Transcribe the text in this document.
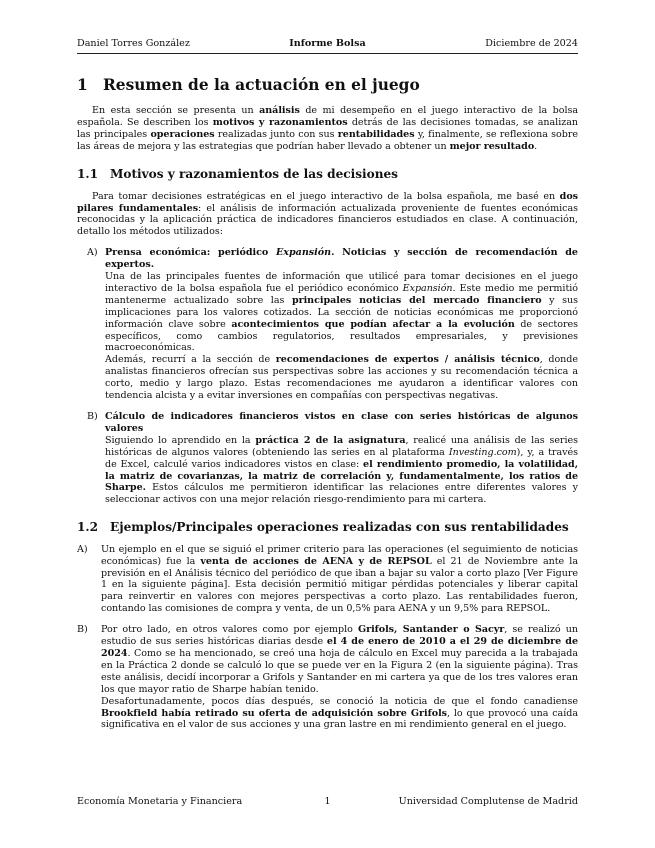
Daniel Torres González	Informe Bolsa	Diciembre de 2024
1 Resumen de la actuación en el juego

En esta sección se presenta un análisis de mi desempeño en el juego interactivo de la bolsa española. Se describen los motivos y razonamientos detrás de las decisiones tomadas, se analizan las principales operaciones realizadas junto con sus rentabilidades y, finalmente, se reflexiona sobre las áreas de mejora y las estrategias que podrían haber llevado a obtener un mejor resultado.

1.1 Motivos y razonamientos de las decisiones

Para tomar decisiones estratégicas en el juego interactivo de la bolsa española, me basé en dos pilares fundamentales: el análisis de información actualizada proveniente de fuentes económicas reconocidas y la aplicación práctica de indicadores financieros estudiados en clase. A continuación, detallo los métodos utilizados:

A) Prensa económica: periódico Expansión. Noticias y sección de recomendación de expertos.
Una de las principales fuentes de información que utilicé para tomar decisiones en el juego interactivo de la bolsa española fue el periódico económico Expansión. Este medio me permitió mantenerme actualizado sobre las principales noticias del mercado financiero y sus implicaciones para los valores cotizados. La sección de noticias económicas me proporcionó información clave sobre acontecimientos que podían afectar a la evolución de sectores específicos, como cambios regulatorios, resultados empresariales, y previsiones macroeconómicas.
Además, recurrí a la sección de recomendaciones de expertos / análisis técnico, donde analistas financieros ofrecían sus perspectivas sobre las acciones y su recomendación técnica a corto, medio y largo plazo. Estas recomendaciones me ayudaron a identificar valores con tendencia alcista y a evitar inversiones en compañías con perspectivas negativas.
B) Cálculo de indicadores financieros vistos en clase con series históricas de algunos valores
Siguiendo lo aprendido en la práctica 2 de la asignatura, realicé una análisis de las series históricas de algunos valores (obteniendo las series en al plataforma Investing.com), y, a través de Excel, calculé varios indicadores vistos en clase: el rendimiento promedio, la volatilidad, la matriz de covarianzas, la matriz de correlación y, fundamentalmente, los ratios de Sharpe. Estos cálculos me permitieron identificar las relaciones entre diferentes valores y seleccionar activos con una mejor relación riesgo-rendimiento para mi cartera.
1.2 Ejemplos/Principales operaciones realizadas con sus rentabilidades
A) Un ejemplo en el que se siguió el primer criterio para las operaciones (el seguimiento de noticias económicas) fue la venta de acciones de AENA y de REPSOL el 21 de Noviembre ante la previsión en el Análisis técnico del periódico de que iban a bajar su valor a corto plazo [Ver Figure 1 en la siguiente página]. Esta decisión permitió mitigar pérdidas potenciales y liberar capital para reinvertir en valores con mejores perspectivas a corto plazo. Las rentabilidades fueron, contando las comisiones de compra y venta, de un 0,5% para AENA y un 9,5% para REPSOL.
B) Por otro lado, en otros valores como por ejemplo Grifols, Santander o Sacyr, se realizó un estudio de sus series históricas diarias desde el 4 de enero de 2010 a el 29 de diciembre de 2024. Como se ha mencionado, se creó una hoja de cálculo en Excel muy parecida a la trabajada en la Práctica 2 donde se calculó lo que se puede ver en la Figura 2 (en la siguiente página). Tras este análisis, decidí incorporar a Grifols y Santander en mi cartera ya que de los tres valores eran los que mayor ratio de Sharpe habían tenido.
Desafortunadamente, pocos días después, se conoció la noticia de que el fondo canadiense Brookfield había retirado su oferta de adquisición sobre Grifols, lo que provocó una caída significativa en el valor de sus acciones y una gran lastre en mi rendimiento general en el juego.
Economía Monetaria y Financiera	1	Universidad Complutense de Madrid
